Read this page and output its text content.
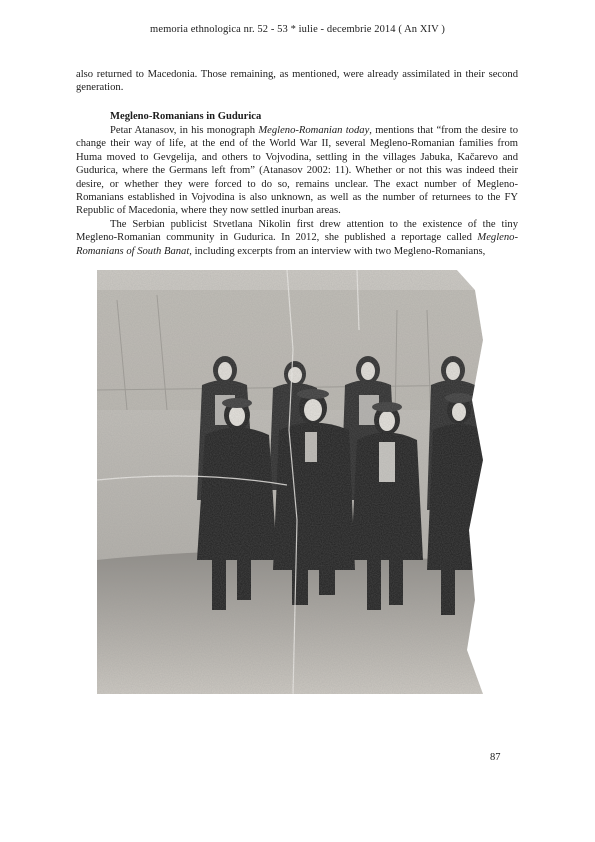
memoria ethnologica nr. 52 - 53 * iulie - decembrie 2014 ( An XIV )

also returned to Macedonia. Those remaining, as mentioned, were already assimilated in their second generation.

Megleno-Romanians in Gudurica

Petar Atanasov, in his monograph Megleno-Romanian today, mentions that “from the desire to change their way of life, at the end of the World War II, several Megleno-Romanian families from Huma moved to Gevgelija, and others to Vojvodina, settling in the villages Jabuka, Kačarevo and Gudurica, where the Germans left from” (Atanasov 2002: 11). Whether or not this was indeed their desire, or whether they were forced to do so, remains unclear. The exact number of Megleno-Romanians established in Vojvodina is also unknown, as well as the number of returnees to the FY Republic of Macedonia, where they now settled inurban areas.

The Serbian publicist Stvetlana Nikolin first drew attention to the existence of the tiny Megleno-Romanian community in Gudurica. In 2012, she published a reportage called Megleno-Romanians of South Banat, including excerpts from an interview with two Megleno-Romanians,

87
